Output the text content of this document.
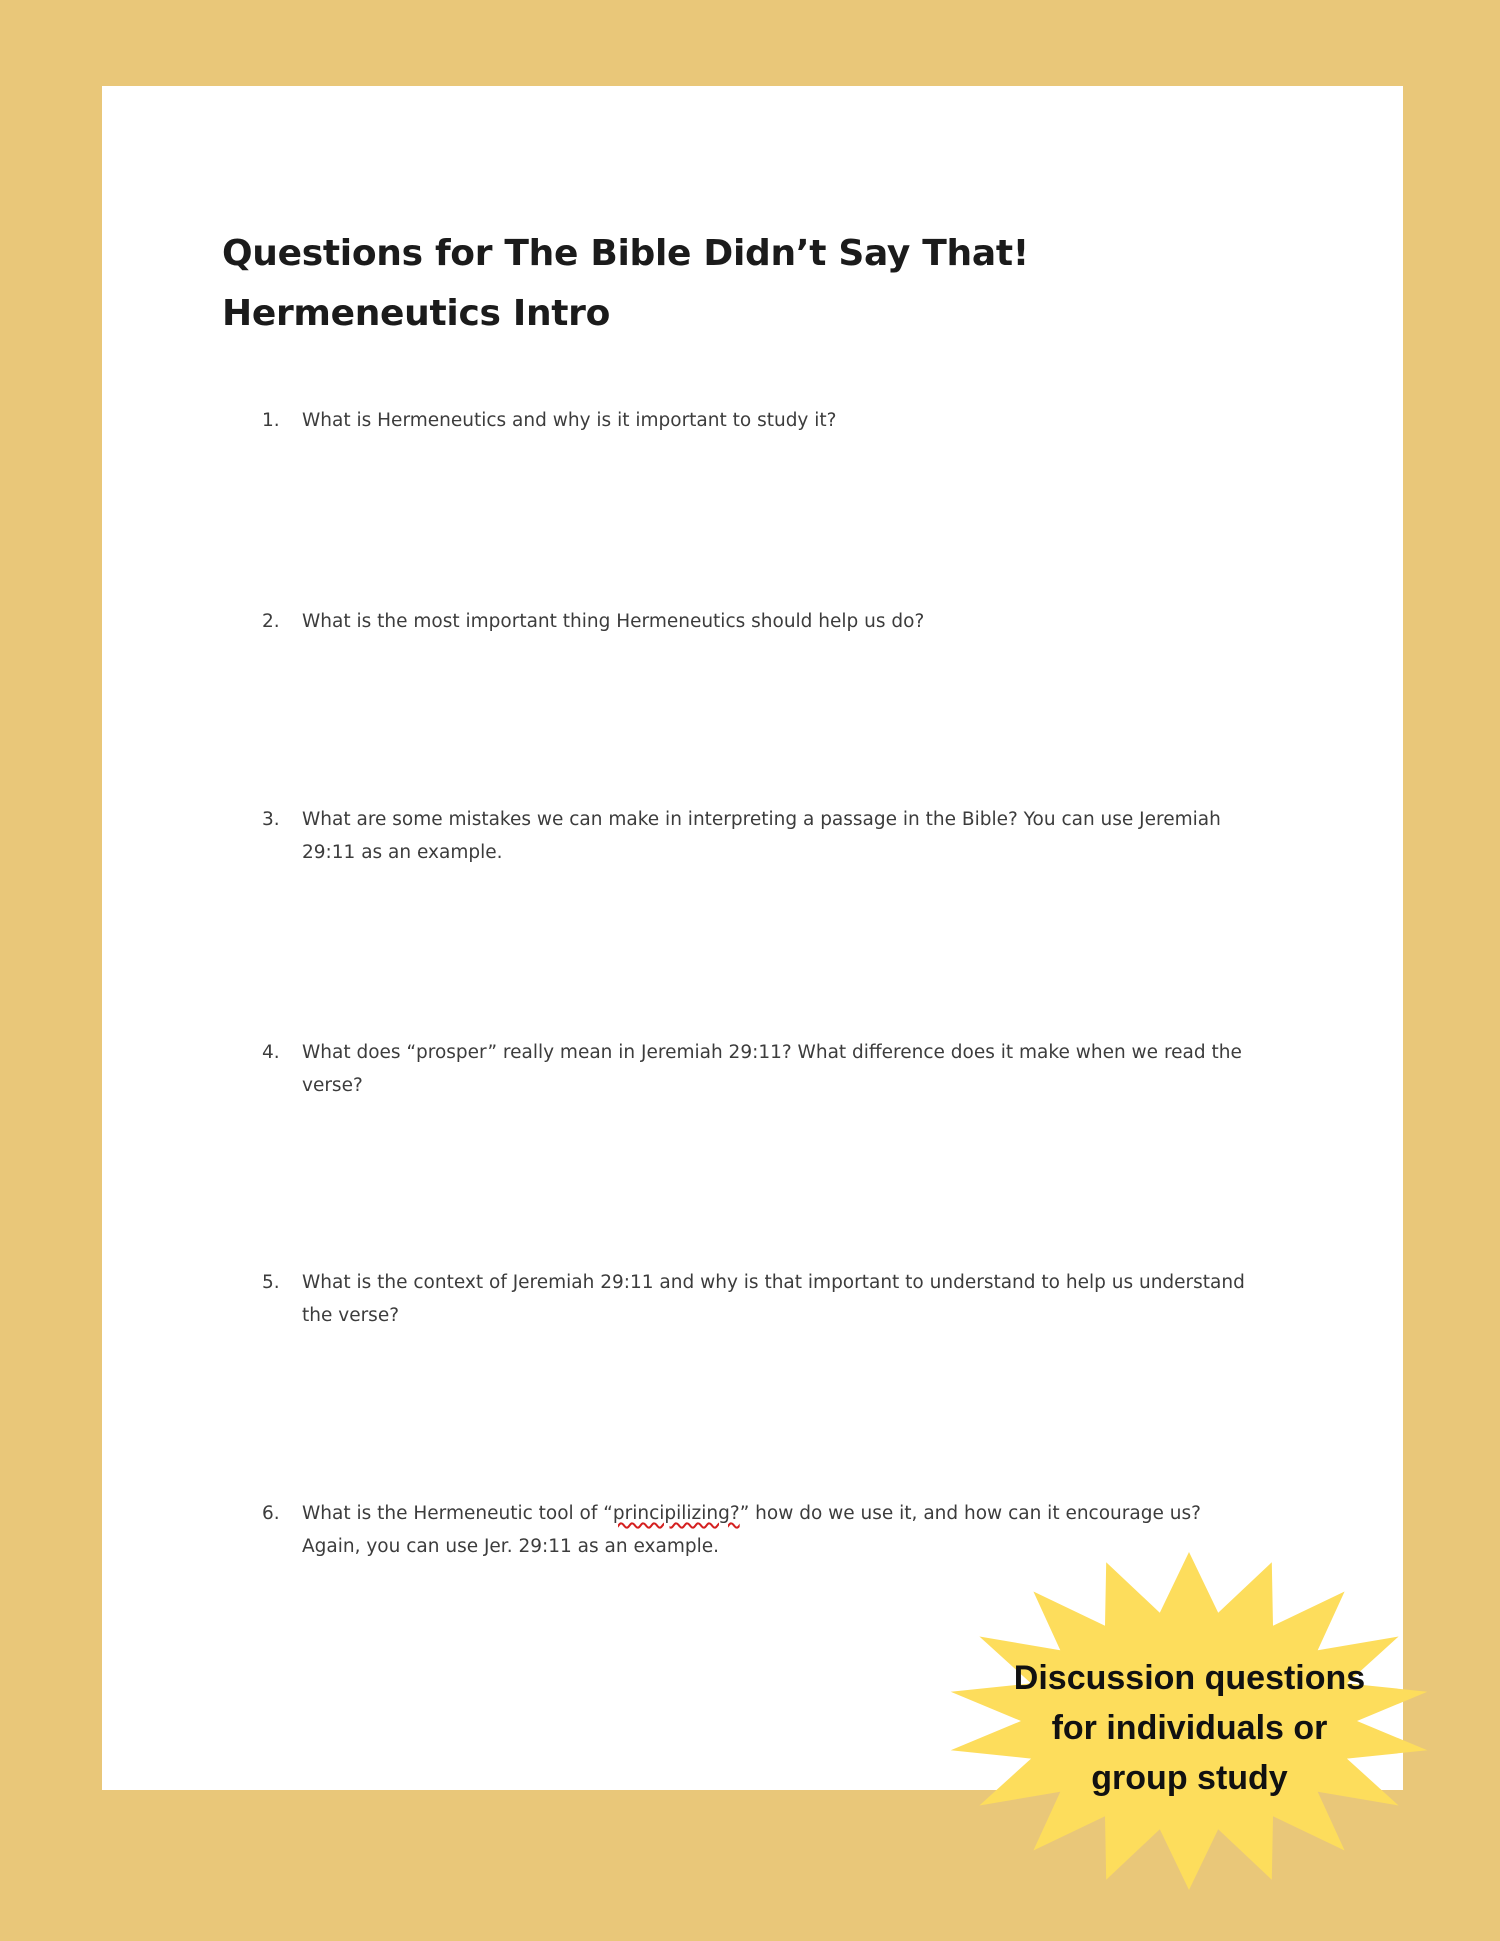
Questions for The Bible Didn’t Say That! Hermeneutics Intro
1.	What is Hermeneutics and why is it important to study it?
2.	What is the most important thing Hermeneutics should help us do?
3.	What are some mistakes we can make in interpreting a passage in the Bible? You can use Jeremiah 29:11 as an example.
4.	What does “prosper” really mean in Jeremiah 29:11? What difference does it make when we read the verse?
5.	What is the context of Jeremiah 29:11 and why is that important to understand to help us understand the verse?
6.	What is the Hermeneutic tool of “principilizing?” how do we use it, and how can it encourage us? Again, you can use Jer. 29:11 as an example.
Discussion questions
for individuals or
group study
